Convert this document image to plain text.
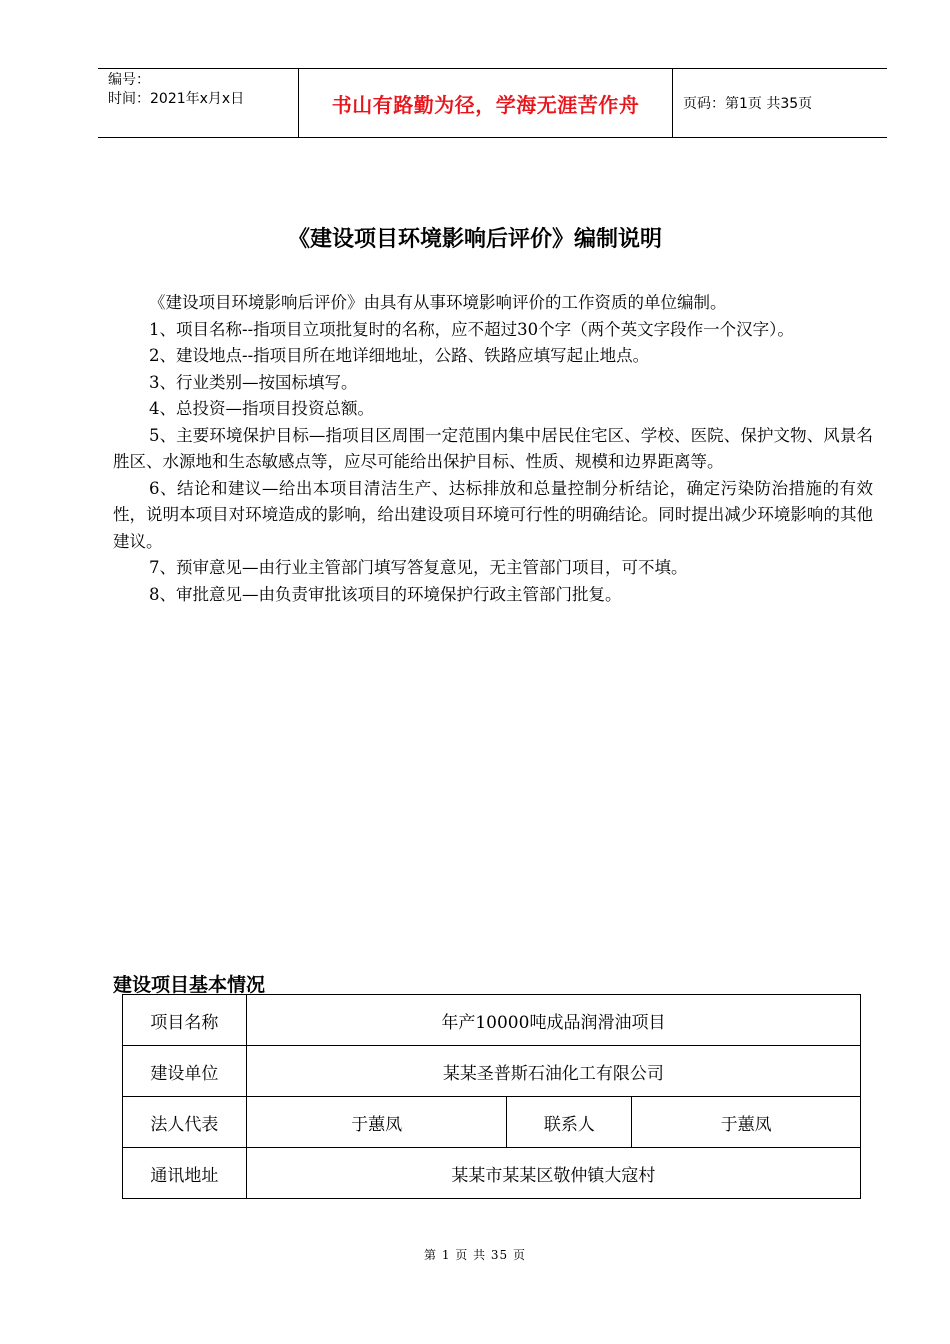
编号：
时间：2021年x月x日	书山有路勤为径，学海无涯苦作舟	页码：第1页 共35页
《建设项目环境影响后评价》编制说明

《建设项目环境影响后评价》由具有从事环境影响评价的工作资质的单位编制。

1、项目名称--指项目立项批复时的名称，应不超过30个字（两个英文字段作一个汉字）。

2、建设地点--指项目所在地详细地址，公路、铁路应填写起止地点。

3、行业类别—按国标填写。

4、总投资—指项目投资总额。

5、主要环境保护目标—指项目区周围一定范围内集中居民住宅区、学校、医院、保护文物、风景名胜区、水源地和生态敏感点等，应尽可能给出保护目标、性质、规模和边界距离等。

6、结论和建议—给出本项目清洁生产、达标排放和总量控制分析结论，确定污染防治措施的有效性，说明本项目对环境造成的影响，给出建设项目环境可行性的明确结论。同时提出减少环境影响的其他建议。

7、预审意见—由行业主管部门填写答复意见，无主管部门项目，可不填。

8、审批意见—由负责审批该项目的环境保护行政主管部门批复。

建设项目基本情况
项目名称	年产10000吨成品润滑油项目		
建设单位	某某圣普斯石油化工有限公司		
法人代表	于蕙凤	联系人	于蕙凤
通讯地址	某某市某某区敬仲镇大寇村		
第 1 页 共 35 页
